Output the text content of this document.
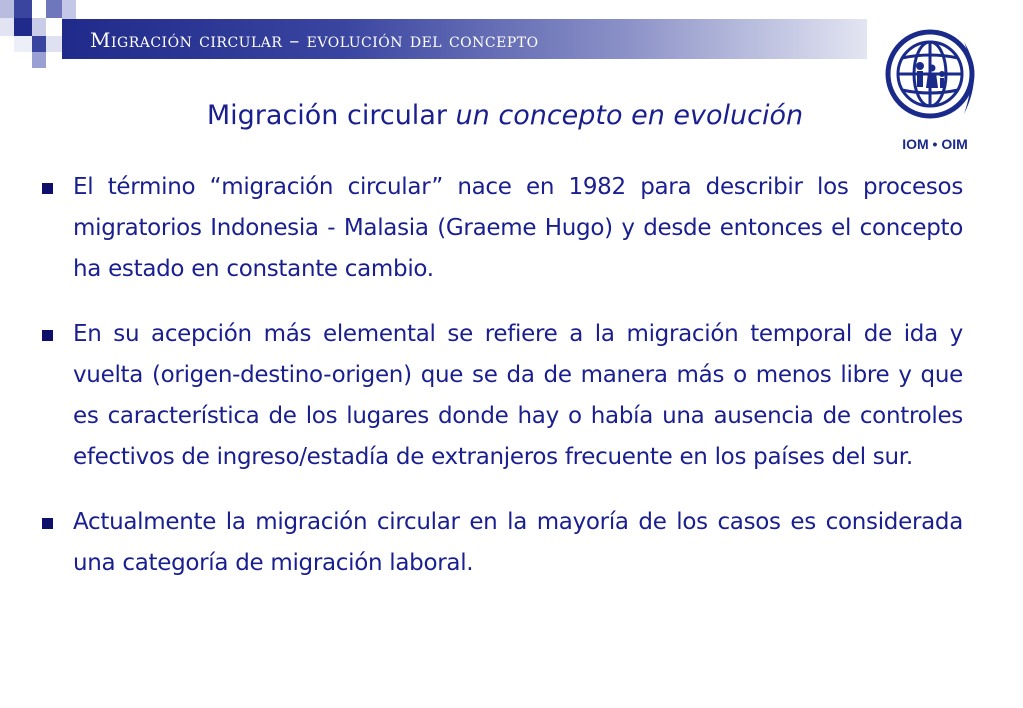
Migración circular – evolución del concepto
IOM • OIM
Migración circular un concepto en evolución
El término “migración circular” nace en 1982 para describir los procesos migratorios Indonesia - Malasia (Graeme Hugo) y desde entonces el concepto ha estado en constante cambio.
En su acepción más elemental se refiere a la migración temporal de ida y vuelta (origen-destino-origen) que se da de manera más o menos libre y que es característica de los lugares donde hay o había una ausencia de controles efectivos de ingreso/estadía de extranjeros frecuente en los países del sur.
Actualmente la migración circular en la mayoría de los casos es considerada una categoría de migración laboral.
